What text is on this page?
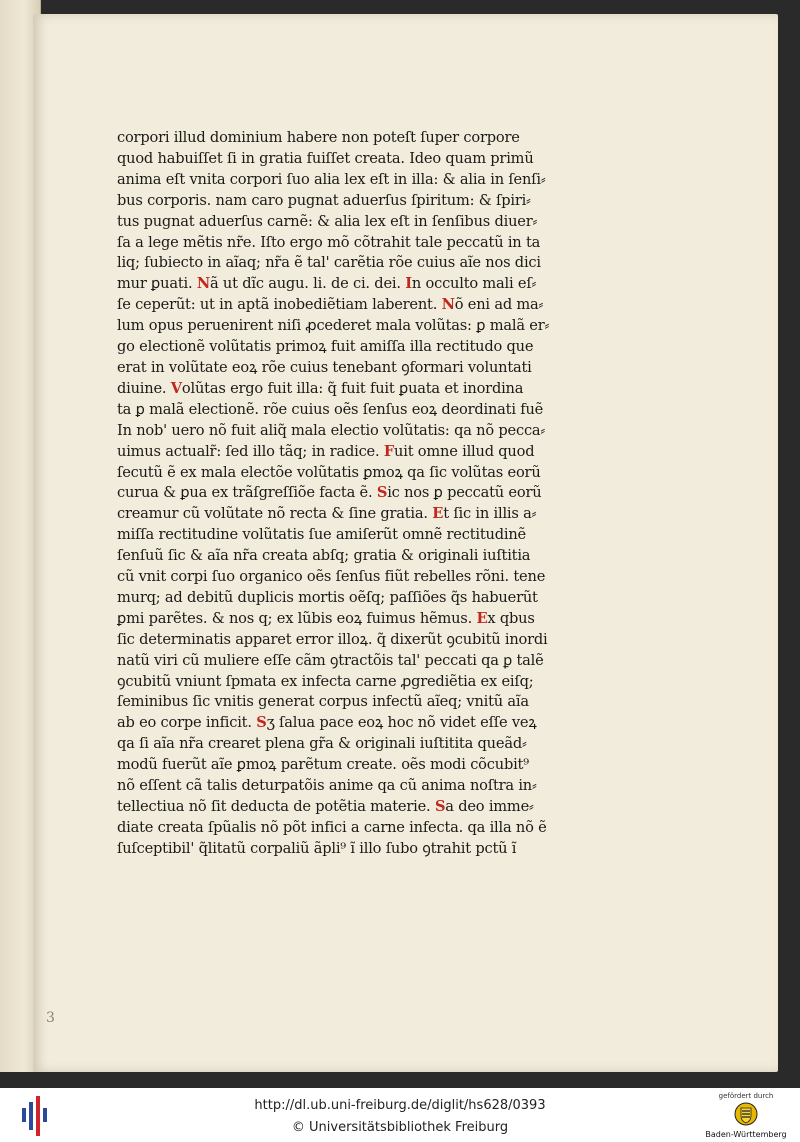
corpori illud dominium habere non poteſt ſuper corpore
quod habuiſſet ſi in gratia fuiſſet creata. Ideo quam primũ
anima eſt vnita corpori ſuo alia lex eſt in illa: & alia in ſenſi⸗
bus corporis. nam caro pugnat aduerſus ſpiritum: & ſpiri⸗
tus pugnat aduerſus carnẽ: & alia lex eſt in ſenſibus diuer⸗
ſa a lege mẽtis nr̃e. Iſto ergo mõ cõtrahit tale peccatũ in ta
liq; ſubiecto in aĩaq; nr̃a ẽ tal' carẽtia rõe cuius aĩe nos dici
mur ꝑuati. Nã ut dĩc augu. li. de ci. dei. In occulto mali eſ⸗
ſe ceperũt: ut in aptã inobediẽtiam laberent. Nõ eni ad ma⸗
lum opus peruenirent niſi ꝓcederet mala volũtas: ꝑ malã er⸗
go electionẽ volũtatis primoꝝ fuit amiſſa illa rectitudo que
erat in volũtate eoꝝ rõe cuius tenebant ꝯformari voluntati
diuine. Volũtas ergo fuit illa: q̃ fuit fuit ꝑuata et inordina
ta ꝑ malã electionẽ. rõe cuius oẽs ſenſus eoꝝ deordinati fuẽ
In nob' uero nõ fuit aliq̃ mala electio volũtatis: qa nõ pecca⸗
uimus actualr̃: ſed illo tãq; in radice. Fuit omne illud quod
ſecutũ ẽ ex mala electõe volũtatis ꝑmoꝝ qa ſic volũtas eorũ
curua & ꝑua ex trãſgreſſiõe facta ẽ. Sic nos ꝑ peccatũ eorũ
creamur cũ volũtate nõ recta & ſine gratia. Et ſic in illis a⸗
miſſa rectitudine volũtatis ſue amiſerũt omnẽ rectitudinẽ
ſenſuũ ſic & aĩa nr̃a creata abſq; gratia & originali iuſtitia
cũ vnit corpi ſuo organico oẽs ſenſus fiũt rebelles rõni. tene
murq; ad debitũ duplicis mortis oẽſq; paſſiões q̃s habuerũt
ꝑmi parẽtes. & nos q; ex lũbis eoꝝ fuimus hẽmus. Ex qbus
ſic determinatis apparet error illoꝝ. q̃ dixerũt ꝯcubitũ inordi
natũ viri cũ muliere eſſe cãm ꝯtractõis tal' peccati qa ꝑ talẽ
ꝯcubitũ vniunt ſpmata ex infecta carne ꝓgrediẽtia ex eiſq;
ſeminibus ſic vnitis generat corpus infectũ aĩeq; vnitũ aĩa
ab eo corpe inficit. Sʒ ſalua pace eoꝝ hoc nõ videt eſſe veꝝ
qa ſi aĩa nr̃a crearet plena gr̃a & originali iuſtitita queãd⸗
modũ fuerũt aĩe ꝑmoꝝ parẽtum create. oẽs modi cõcubit⁹
nõ eſſent cã talis deturpatõis anime qa cũ anima noſtra in⸗
tellectiua nõ ſit deducta de potẽtia materie. Sa deo imme⸗
diate creata ſpũalis nõ põt infici a carne infecta. qa illa nõ ẽ
ſuſceptibil' q̃litatũ corpaliũ ãpli⁹ ĩ illo ſubo ꝯtrahit pctũ ĩ
3
http://dl.ub.uni-freiburg.de/diglit/hs628/0393
© Universitätsbibliothek Freiburg
gefördert durch
Baden-Württemberg
